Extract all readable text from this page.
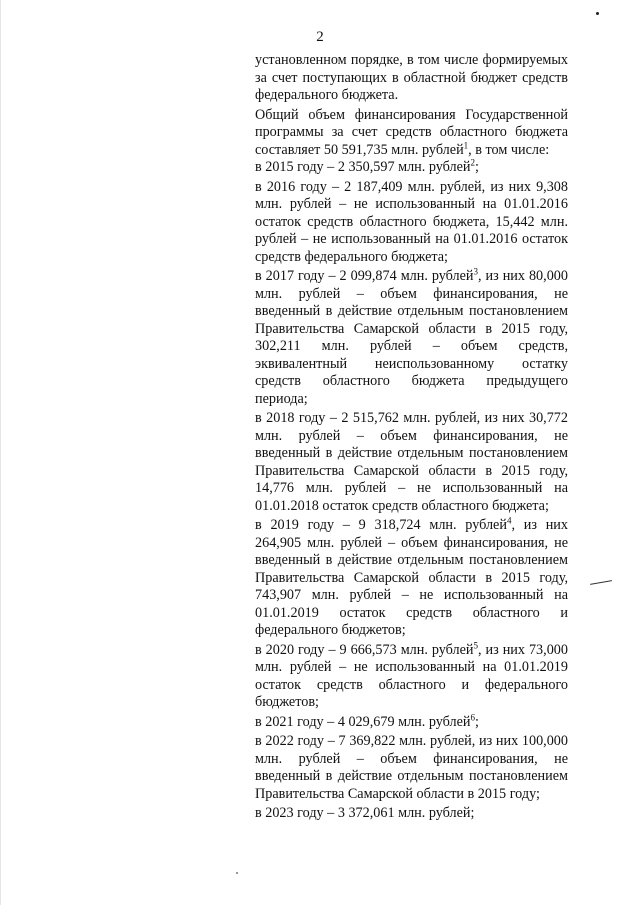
2

установленном порядке, в том числе формируемых за счет поступающих в областной бюджет средств федерального бюджета.

Общий объем финансирования Государственной программы за счет средств областного бюджета составляет 50 591,735 млн. рублей$^1$, в том числе:

в 2015 году – 2 350,597 млн. рублей$^2$;

в 2016 году – 2 187,409 млн. рублей, из них 9,308 млн. рублей – не использованный на 01.01.2016 остаток средств областного бюджета, 15,442 млн. рублей – не использованный на 01.01.2016 остаток средств федерального бюджета;

в 2017 году – 2 099,874 млн. рублей$^3$, из них 80,000 млн. рублей – объем финансирования, не введенный в действие отдельным постановлением Правительства Самарской области в 2015 году, 302,211 млн. рублей – объем средств, эквивалентный неиспользованному остатку средств областного бюджета предыдущего периода;

в 2018 году – 2 515,762 млн. рублей, из них 30,772 млн. рублей – объем финансирования, не введенный в действие отдельным постановлением Правительства Самарской области в 2015 году, 14,776 млн. рублей – не использованный на 01.01.2018 остаток средств областного бюджета;

в 2019 году – 9 318,724 млн. рублей$^4$, из них 264,905 млн. рублей – объем финансирования, не введенный в действие отдельным постановлением Правительства Самарской области в 2015 году, 743,907 млн. рублей – не использованный на 01.01.2019 остаток средств областного и федерального бюджетов;

в 2020 году – 9 666,573 млн. рублей$^5$, из них 73,000 млн. рублей – не использованный на 01.01.2019 остаток средств областного и федерального бюджетов;

в 2021 году – 4 029,679 млн. рублей$^6$;

в 2022 году – 7 369,822 млн. рублей, из них 100,000 млн. рублей – объем финансирования, не введенный в действие отдельным постановлением Правительства Самарской области в 2015 году;

в 2023 году – 3 372,061 млн. рублей;
